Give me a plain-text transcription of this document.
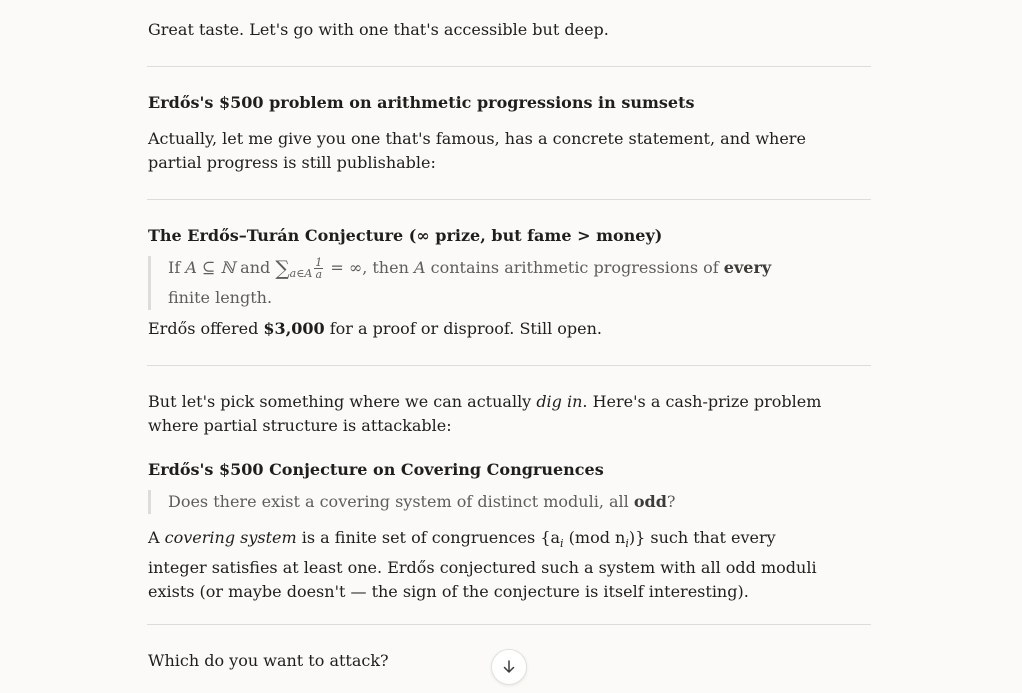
Great taste. Let's go with one that's accessible but deep.

Erdős's $500 problem on arithmetic progressions in sumsets

Actually, let me give you one that's famous, has a concrete statement, and where partial progress is still publishable:

The Erdős–Turán Conjecture (∞ prize, but fame > money)
If A ⊆ ℕ and $\sum_{a\in A} \frac{1}{a}$ = ∞, then A contains arithmetic progressions of every finite length.

Erdős offered $3,000 for a proof or disproof. Still open.

But let's pick something where we can actually dig in. Here's a cash-prize problem where partial structure is attackable:

Erdős's $500 Conjecture on Covering Congruences
Does there exist a covering system of distinct moduli, all odd?

A covering system is a finite set of congruences {$a_i$ (mod $n_i$)} such that every integer satisfies at least one. Erdős conjectured such a system with all odd moduli exists (or maybe doesn't — the sign of the conjecture is itself interesting).

Which do you want to attack?
